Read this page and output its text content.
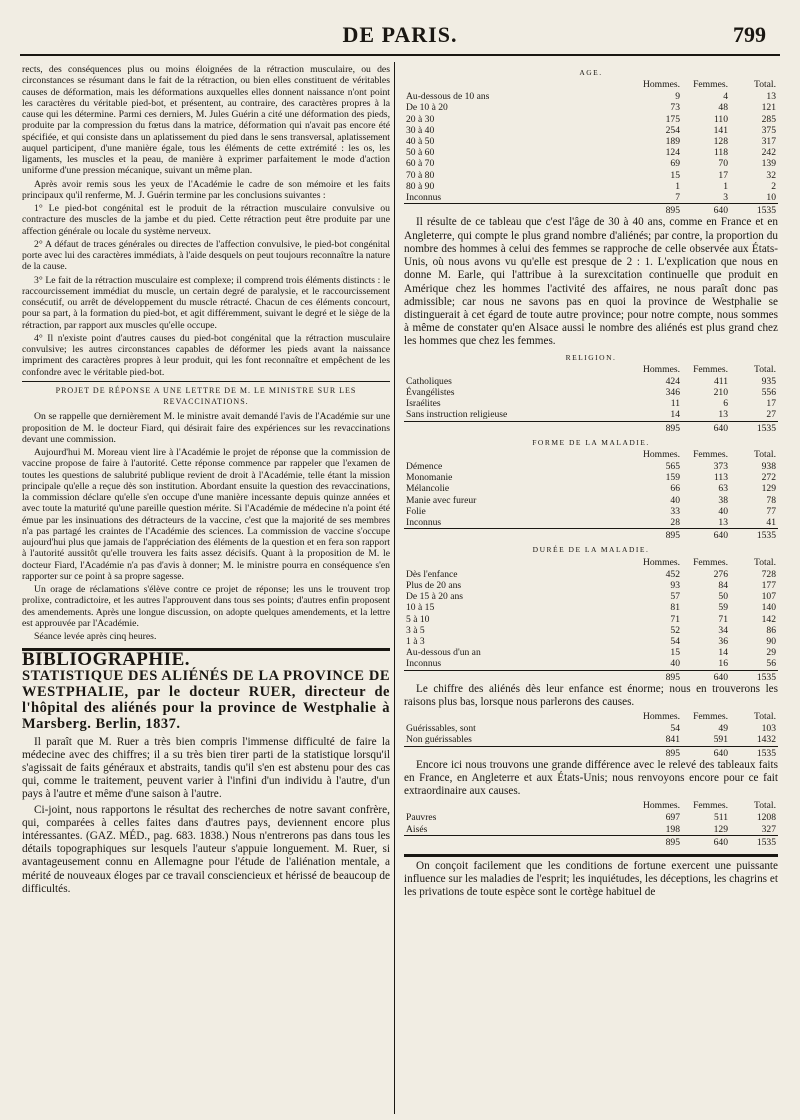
DE PARIS.	799

rects, des conséquences plus ou moins éloignées de la rétraction musculaire, ou des circonstances se résumant dans le fait de la rétraction, ou bien elles constituent de véritables causes de déformation, mais les déformations auxquelles elles donnent naissance n'ont point les caractères du véritable pied-bot, et présentent, au contraire, des caractères propres à la cause qui les détermine. Parmi ces derniers, M. Jules Guérin a cité une déformation des pieds, produite par la compression du fœtus dans la matrice, déformation qui n'avait pas encore été spécifiée, et qui consiste dans un aplatissement du pied dans le sens transversal, aplatissement auquel participent, d'une manière égale, tous les éléments de cette extrémité : les os, les ligaments, les muscles et la peau, de manière à exprimer parfaitement le mode d'action uniforme d'une pression mécanique, suivant un même plan.

Après avoir remis sous les yeux de l'Académie le cadre de son mémoire et les faits principaux qu'il renferme, M. J. Guérin termine par les conclusions suivantes :

1° Le pied-bot congénital est le produit de la rétraction musculaire convulsive ou contracture des muscles de la jambe et du pied. Cette rétraction peut être produite par une affection générale ou locale du système nerveux.

2° A défaut de traces générales ou directes de l'affection convulsive, le pied-bot congénital porte avec lui des caractères immédiats, à l'aide desquels on peut toujours reconnaître la nature de la cause.

3° Le fait de la rétraction musculaire est complexe; il comprend trois éléments distincts : le raccourcissement immédiat du muscle, un certain degré de paralysie, et le raccourcissement consécutif, ou arrêt de développement du muscle rétracté. Chacun de ces éléments concourt, pour sa part, à la formation du pied-bot, et agit différemment, suivant le degré et le siège de la rétraction, par rapport aux muscles qu'elle occupe.

4° Il n'existe point d'autres causes du pied-bot congénital que la rétraction musculaire convulsive; les autres circonstances capables de déformer les pieds avant la naissance impriment des caractères propres à leur produit, qui les font reconnaître et empêchent de les confondre avec le véritable pied-bot.

PROJET DE RÉPONSE A UNE LETTRE DE M. LE MINISTRE SUR LES REVACCINATIONS.

On se rappelle que dernièrement M. le ministre avait demandé l'avis de l'Académie sur une proposition de M. le docteur Fiard, qui désirait faire des expériences sur les revaccinations devant une commission.

Aujourd'hui M. Moreau vient lire à l'Académie le projet de réponse que la commission de vaccine propose de faire à l'autorité. Cette réponse commence par rappeler que l'examen de toutes les questions de salubrité publique revient de droit à l'Académie, telle étant la mission principale qu'elle a reçue dès son institution. Abordant ensuite la question des revaccinations, la commission déclare qu'elle s'en occupe d'une manière incessante depuis quinze années et avec toute la maturité qu'une pareille question mérite. Si l'Académie de médecine n'a point été émue par les insinuations des détracteurs de la vaccine, c'est que la majorité de ses membres n'a pas partagé les craintes de l'Académie des sciences. La commission de vaccine s'occupe aujourd'hui plus que jamais de l'appréciation des éléments de la question et en fera son rapport à l'autorité aussitôt qu'elle trouvera les faits assez décisifs. Quant à la proposition de M. le docteur Fiard, l'Académie n'a pas d'avis à donner; M. le ministre pourra en conséquence s'en rapporter sur ce point à sa propre sagesse.

Un orage de réclamations s'élève contre ce projet de réponse; les uns le trouvent trop prolixe, contradictoire, et les autres l'approuvent dans tous ses points; d'autres enfin proposent des amendements. Après une longue discussion, on adopte quelques amendements, et la lettre est approuvée par l'Académie.

Séance levée après cinq heures.

BIBLIOGRAPHIE.
STATISTIQUE DES ALIÉNÉS DE LA PROVINCE DE WESTPHALIE, par le docteur RUER, directeur de l'hôpital des aliénés pour la province de Westphalie à Marsberg. Berlin, 1837.

Il paraît que M. Ruer a très bien compris l'immense difficulté de faire la médecine avec des chiffres; il a su très bien tirer parti de la statistique lorsqu'il s'agissait de faits généraux et abstraits, tandis qu'il s'en est abstenu pour des cas qui, comme le traitement, peuvent varier à l'infini d'un individu à l'autre, d'un pays à l'autre et même d'une saison à l'autre.

Ci-joint, nous rapportons le résultat des recherches de notre savant confrère, qui, comparées à celles faites dans d'autres pays, deviennent encore plus intéressantes. (GAZ. MÉD., pag. 683. 1838.) Nous n'entrerons pas dans tous les détails topographiques sur lesquels l'auteur s'appuie longuement. M. Ruer, si avantageusement connu en Allemagne pour l'étude de l'aliénation mentale, a mérité de nouveaux éloges par ce travail consciencieux et hérissé de beaucoup de difficultés.

AGE.
	Hommes.	Femmes.	Total.
Au-dessous de 10 ans	9	4	13
De 10 à 20	73	48	121
20 à 30	175	110	285
30 à 40	254	141	375
40 à 50	189	128	317
50 à 60	124	118	242
60 à 70	69	70	139
70 à 80	15	17	32
80 à 90	1	1	2
Inconnus	7	3	10
	895	640	1535

Il résulte de ce tableau que c'est l'âge de 30 à 40 ans, comme en France et en Angleterre, qui compte le plus grand nombre d'aliénés; par contre, la proportion du nombre des hommes à celui des femmes se rapproche de celle observée aux États-Unis, où nous avons vu qu'elle est presque de 2 : 1. L'explication que nous en donne M. Earle, qui l'attribue à la surexcitation continuelle que produit en Amérique chez les hommes l'activité des affaires, ne nous paraît donc pas admissible; car nous ne savons pas en quoi la province de Westphalie se distinguerait à cet égard de toute autre province; pour notre compte, nous sommes à même de constater qu'en Alsace aussi le nombre des aliénés est plus grand chez les hommes que chez les femmes.

RELIGION.
	Hommes.	Femmes.	Total.
Catholiques	424	411	935
Évangélistes	346	210	556
Israélites	11	6	17
Sans instruction religieuse	14	13	27
	895	640	1535
FORME DE LA MALADIE.
	Hommes.	Femmes.	Total.
Démence	565	373	938
Monomanie	159	113	272
Mélancolie	66	63	129
Manie avec fureur	40	38	78
Folie	33	40	77
Inconnus	28	13	41
	895	640	1535
DURÉE DE LA MALADIE.
	Hommes.	Femmes.	Total.
Dès l'enfance	452	276	728
Plus de 20 ans	93	84	177
De 15 à 20 ans	57	50	107
10 à 15	81	59	140
5 à 10	71	71	142
3 à 5	52	34	86
1 à 3	54	36	90
Au-dessous d'un an	15	14	29
Inconnus	40	16	56
	895	640	1535

Le chiffre des aliénés dès leur enfance est énorme; nous en trouverons les raisons plus bas, lorsque nous parlerons des causes.

	Hommes.	Femmes.	Total.
Guérissables, sont	54	49	103
Non guérissables	841	591	1432
	895	640	1535

Encore ici nous trouvons une grande différence avec le relevé des tableaux faits en France, en Angleterre et aux États-Unis; nous renvoyons encore pour ce fait extraordinaire aux causes.

	Hommes.	Femmes.	Total.
Pauvres	697	511	1208
Aisés	198	129	327
	895	640	1535

On conçoit facilement que les conditions de fortune exercent une puissante influence sur les maladies de l'esprit; les inquiétudes, les déceptions, les chagrins et les privations de toute espèce sont le cortège habituel de
